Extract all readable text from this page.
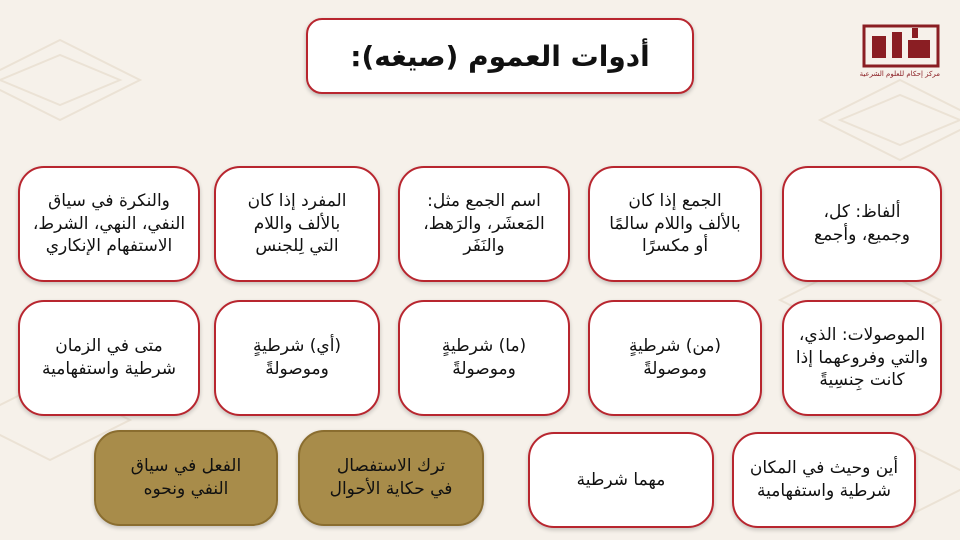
مركز إحكام للعلوم الشرعية
أدوات العموم (صيغه):
ألفاظ: كل،
وجميع، وأجمع
الجمع إذا كان
بالألف واللام سالمًا
أو مكسرًا
اسم الجمع مثل:
المَعشَر، والرَهط،
والنَفَر
المفرد إذا كان
بالألف واللام
التي لِلجنس
والنكرة في سياق
النفي، النهي، الشرط،
الاستفهام الإنكاري
الموصولات: الذي،
والتي وفروعهما إذا
كانت جِنسِيةً
(من) شرطيةٍ
وموصولةً
(ما) شرطيةٍ
وموصولةً
(أي) شرطيةٍ
وموصولةً
متى في الزمان
شرطية واستفهامية
أين وحيث في المكان
شرطية واستفهامية
مهما شرطية
ترك الاستفصال
في حكاية الأحوال
الفعل في سياق
النفي ونحوه
